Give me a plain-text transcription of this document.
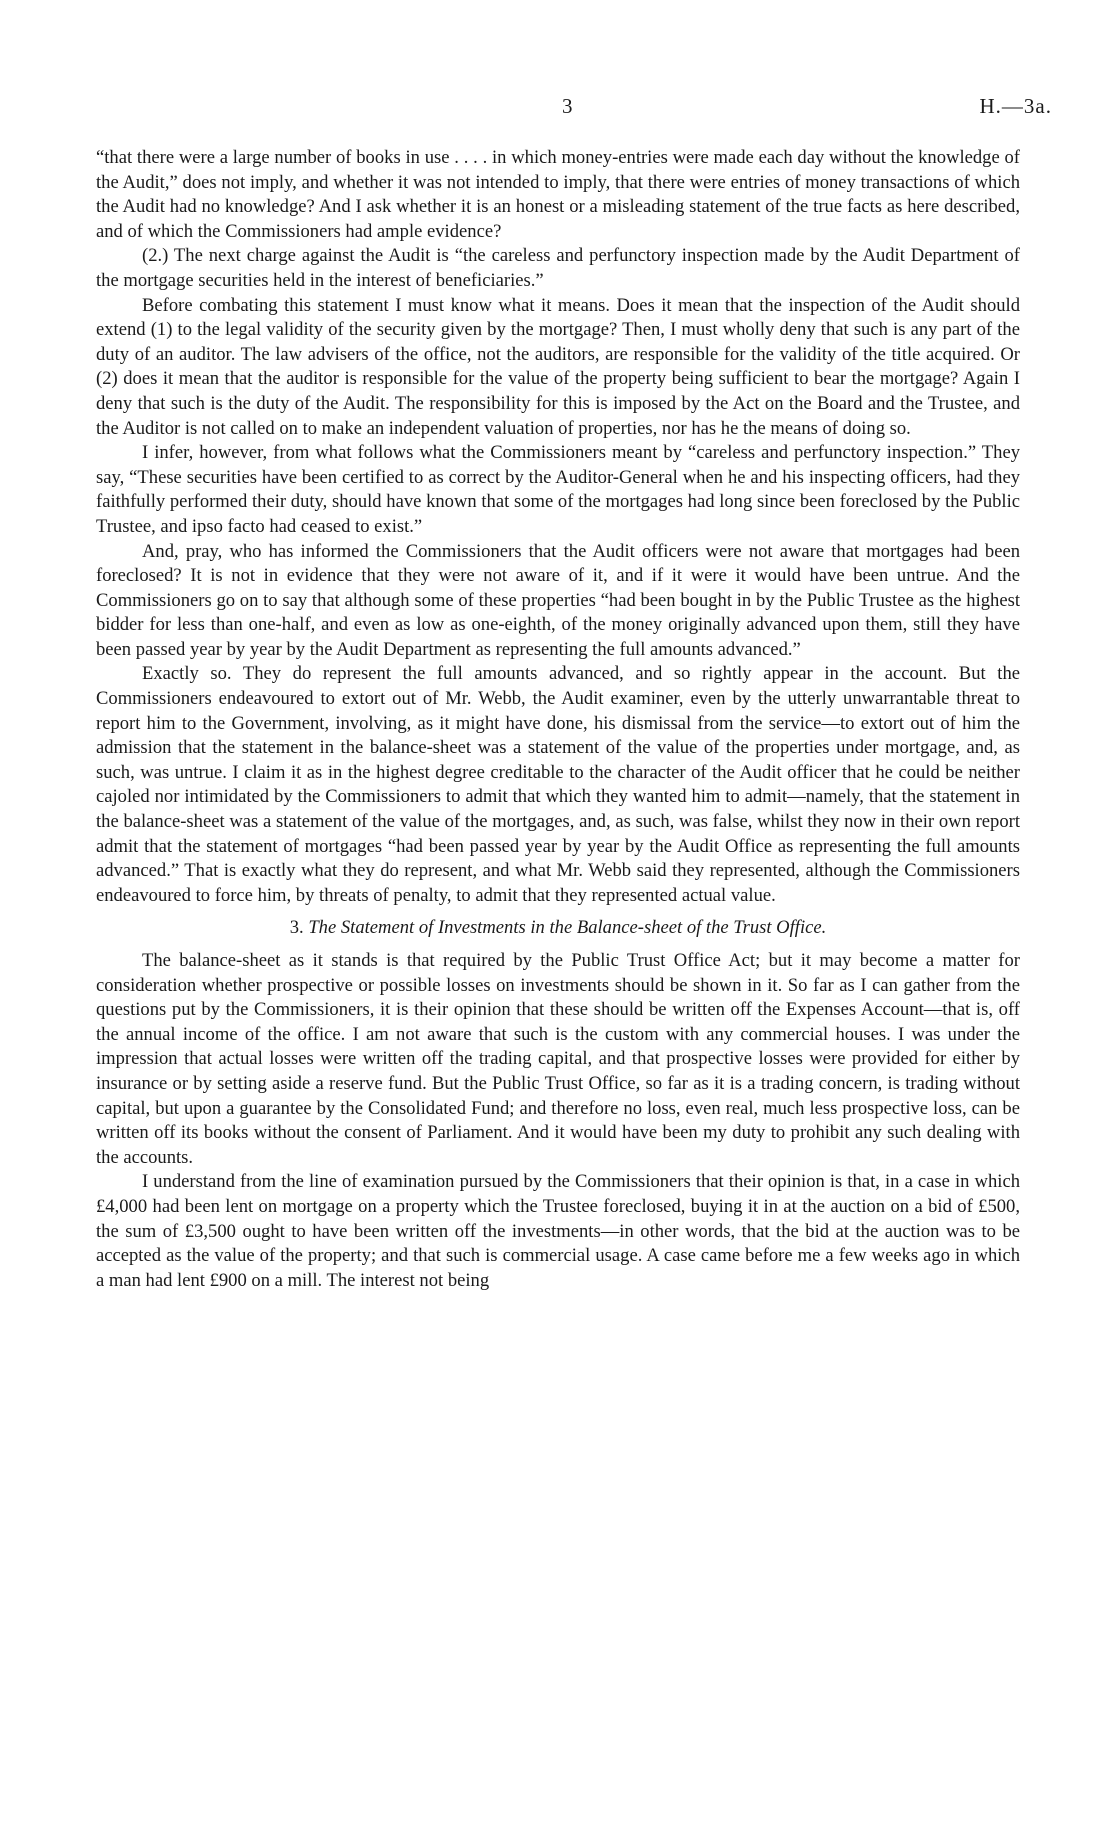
3	H.—3a.

“that there were a large number of books in use . . . . in which money-entries were made each day without the knowledge of the Audit,” does not imply, and whether it was not intended to imply, that there were entries of money transactions of which the Audit had no knowledge? And I ask whether it is an honest or a misleading statement of the true facts as here described, and of which the Commissioners had ample evidence?

(2.) The next charge against the Audit is “the careless and perfunctory inspection made by the Audit Department of the mortgage securities held in the interest of beneficiaries.”

Before combating this statement I must know what it means. Does it mean that the inspection of the Audit should extend (1) to the legal validity of the security given by the mortgage? Then, I must wholly deny that such is any part of the duty of an auditor. The law advisers of the office, not the auditors, are responsible for the validity of the title acquired. Or (2) does it mean that the auditor is responsible for the value of the property being sufficient to bear the mortgage? Again I deny that such is the duty of the Audit. The responsibility for this is imposed by the Act on the Board and the Trustee, and the Auditor is not called on to make an independent valuation of properties, nor has he the means of doing so.

I infer, however, from what follows what the Commissioners meant by “careless and perfunctory inspection.” They say, “These securities have been certified to as correct by the Auditor-General when he and his inspecting officers, had they faithfully performed their duty, should have known that some of the mortgages had long since been foreclosed by the Public Trustee, and ipso facto had ceased to exist.”

And, pray, who has informed the Commissioners that the Audit officers were not aware that mortgages had been foreclosed? It is not in evidence that they were not aware of it, and if it were it would have been untrue. And the Commissioners go on to say that although some of these properties “had been bought in by the Public Trustee as the highest bidder for less than one-half, and even as low as one-eighth, of the money originally advanced upon them, still they have been passed year by year by the Audit Department as representing the full amounts advanced.”

Exactly so. They do represent the full amounts advanced, and so rightly appear in the account. But the Commissioners endeavoured to extort out of Mr. Webb, the Audit examiner, even by the utterly unwarrantable threat to report him to the Government, involving, as it might have done, his dismissal from the service—to extort out of him the admission that the statement in the balance-sheet was a statement of the value of the properties under mortgage, and, as such, was untrue. I claim it as in the highest degree creditable to the character of the Audit officer that he could be neither cajoled nor intimidated by the Commissioners to admit that which they wanted him to admit—namely, that the statement in the balance-sheet was a statement of the value of the mortgages, and, as such, was false, whilst they now in their own report admit that the statement of mortgages “had been passed year by year by the Audit Office as representing the full amounts advanced.” That is exactly what they do represent, and what Mr. Webb said they represented, although the Commissioners endeavoured to force him, by threats of penalty, to admit that they represented actual value.

3. The Statement of Investments in the Balance-sheet of the Trust Office.

The balance-sheet as it stands is that required by the Public Trust Office Act; but it may become a matter for consideration whether prospective or possible losses on investments should be shown in it. So far as I can gather from the questions put by the Commissioners, it is their opinion that these should be written off the Expenses Account—that is, off the annual income of the office. I am not aware that such is the custom with any commercial houses. I was under the impression that actual losses were written off the trading capital, and that prospective losses were provided for either by insurance or by setting aside a reserve fund. But the Public Trust Office, so far as it is a trading concern, is trading without capital, but upon a guarantee by the Consolidated Fund; and therefore no loss, even real, much less prospective loss, can be written off its books without the consent of Parliament. And it would have been my duty to prohibit any such dealing with the accounts.

I understand from the line of examination pursued by the Commissioners that their opinion is that, in a case in which £4,000 had been lent on mortgage on a property which the Trustee foreclosed, buying it in at the auction on a bid of £500, the sum of £3,500 ought to have been written off the investments—in other words, that the bid at the auction was to be accepted as the value of the property; and that such is commercial usage. A case came before me a few weeks ago in which a man had lent £900 on a mill. The interest not being
